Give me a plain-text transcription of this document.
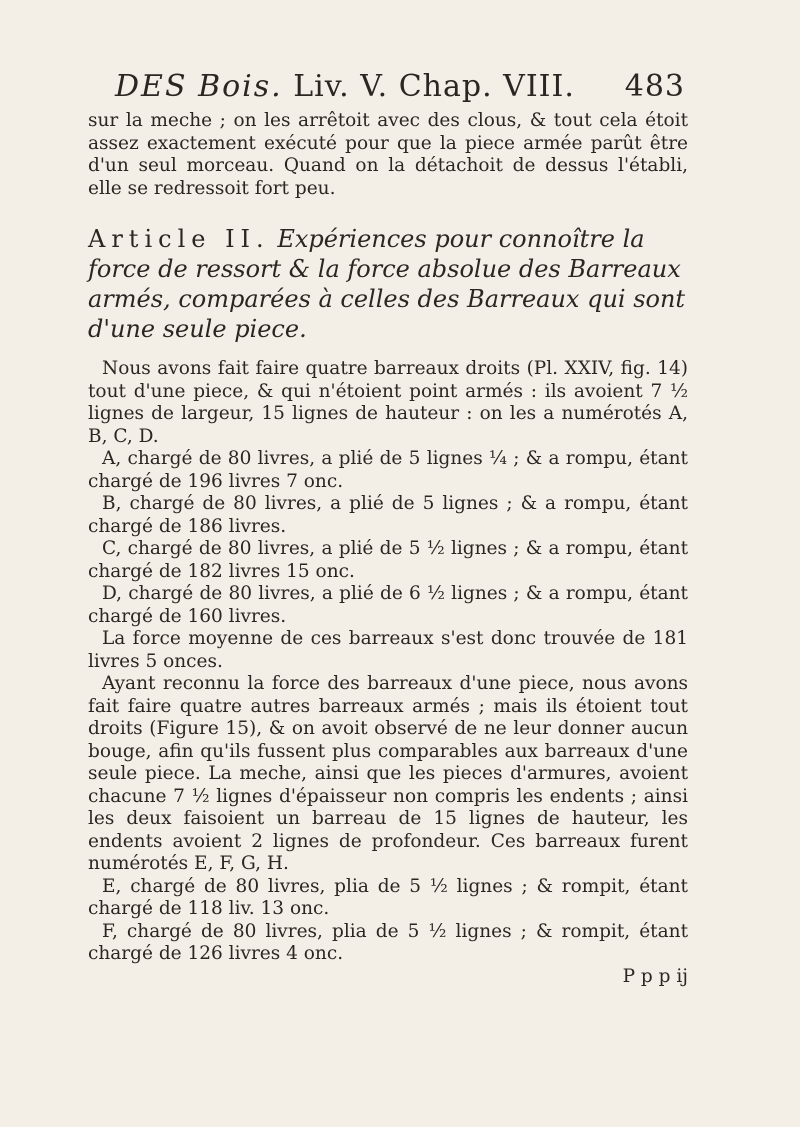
DES Bois. Liv. V. Chap. VIII. 483

sur la meche ; on les arrêtoit avec des clous, & tout cela étoit assez exactement exécuté pour que la piece armée parût être d'un seul morceau. Quand on la détachoit de dessus l'établi, elle se redressoit fort peu.

Article II. Expériences pour connoître la force de ressort & la force absolue des Barreaux armés, comparées à celles des Barreaux qui sont d'une seule piece.

Nous avons fait faire quatre barreaux droits (Pl. XXIV, fig. 14) tout d'une piece, & qui n'étoient point armés : ils avoient 7 ½ lignes de largeur, 15 lignes de hauteur : on les a numérotés A, B, C, D.

A, chargé de 80 livres, a plié de 5 lignes ¼ ; & a rompu, étant chargé de 196 livres 7 onc.

B, chargé de 80 livres, a plié de 5 lignes ; & a rompu, étant chargé de 186 livres.

C, chargé de 80 livres, a plié de 5 ½ lignes ; & a rompu, étant chargé de 182 livres 15 onc.

D, chargé de 80 livres, a plié de 6 ½ lignes ; & a rompu, étant chargé de 160 livres.

La force moyenne de ces barreaux s'est donc trouvée de 181 livres 5 onces.

Ayant reconnu la force des barreaux d'une piece, nous avons fait faire quatre autres barreaux armés ; mais ils étoient tout droits (Figure 15), & on avoit observé de ne leur donner aucun bouge, afin qu'ils fussent plus comparables aux barreaux d'une seule piece. La meche, ainsi que les pieces d'armures, avoient chacune 7 ½ lignes d'épaisseur non compris les endents ; ainsi les deux faisoient un barreau de 15 lignes de hauteur, les endents avoient 2 lignes de profondeur. Ces barreaux furent numérotés E, F, G, H.

E, chargé de 80 livres, plia de 5 ½ lignes ; & rompit, étant chargé de 118 liv. 13 onc.

F, chargé de 80 livres, plia de 5 ½ lignes ; & rompit, étant chargé de 126 livres 4 onc.

P p p ij
